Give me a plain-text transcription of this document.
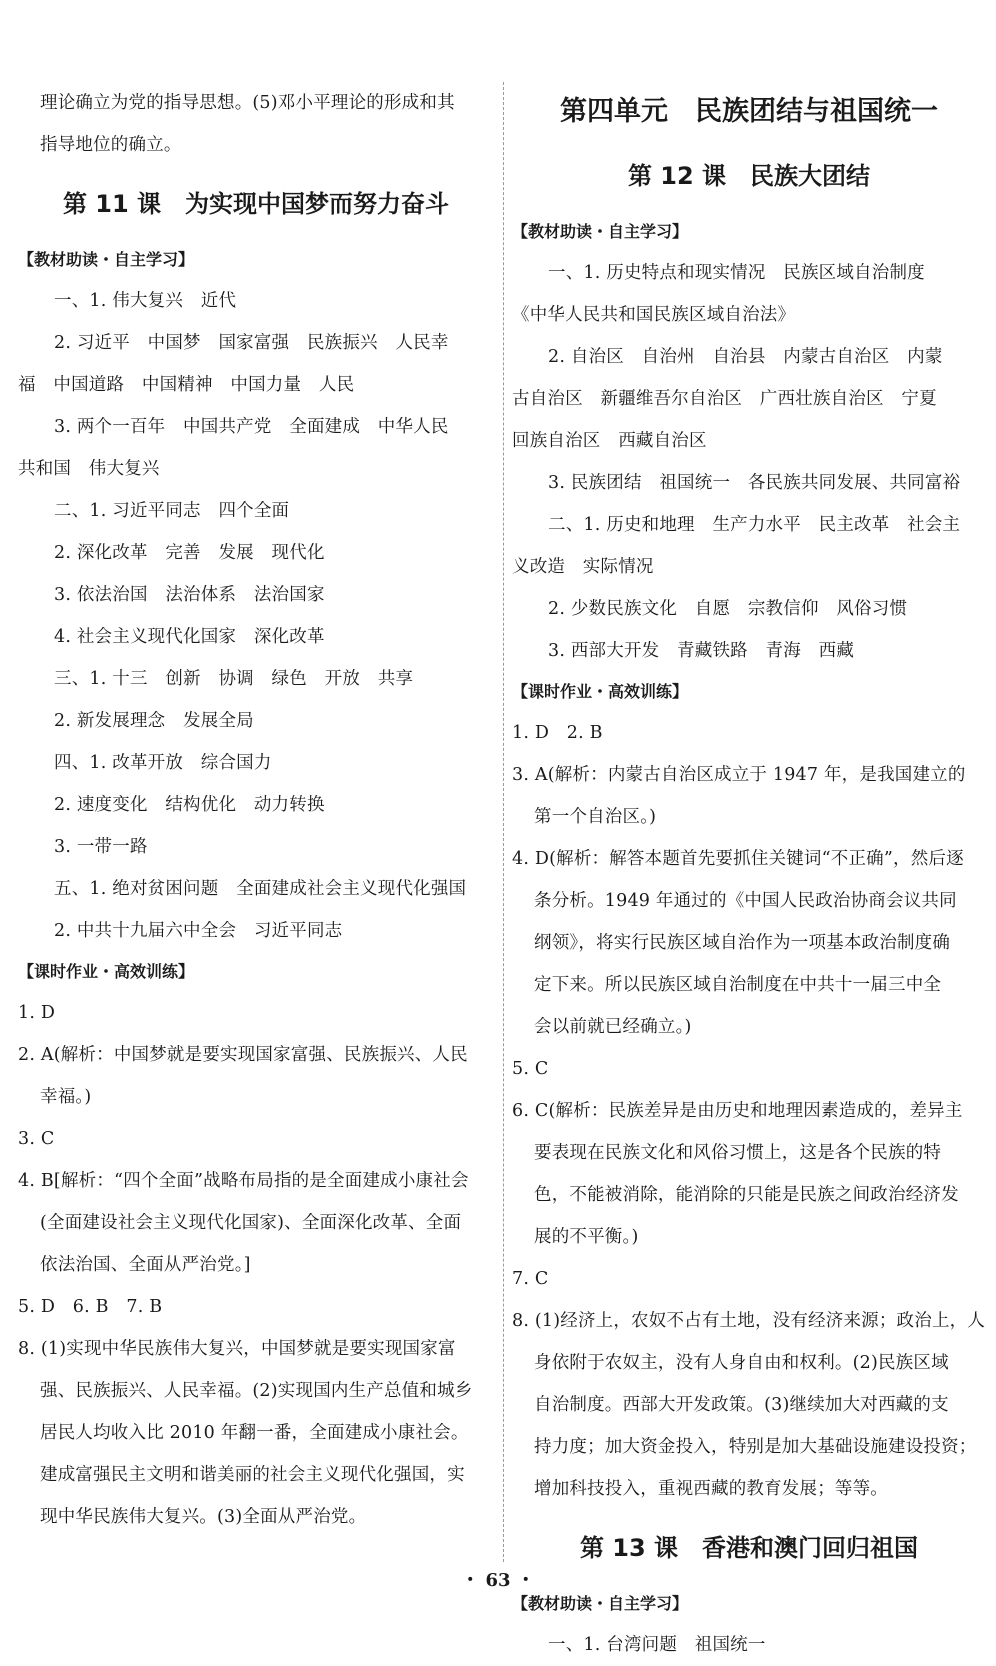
理论确立为党的指导思想。(5)邓小平理论的形成和其

指导地位的确立。

第 11 课　为实现中国梦而努力奋斗

【教材助读・自主学习】

一、1. 伟大复兴　近代

2. 习近平　中国梦　国家富强　民族振兴　人民幸

福　中国道路　中国精神　中国力量　人民

3. 两个一百年　中国共产党　全面建成　中华人民

共和国　伟大复兴

二、1. 习近平同志　四个全面

2. 深化改革　完善　发展　现代化

3. 依法治国　法治体系　法治国家

4. 社会主义现代化国家　深化改革

三、1. 十三　创新　协调　绿色　开放　共享

2. 新发展理念　发展全局

四、1. 改革开放　综合国力

2. 速度变化　结构优化　动力转换

3. 一带一路

五、1. 绝对贫困问题　全面建成社会主义现代化强国

2. 中共十九届六中全会　习近平同志

【课时作业・高效训练】

1. D

2. A(解析：中国梦就是要实现国家富强、民族振兴、人民

幸福。)

3. C

4. B[解析：“四个全面”战略布局指的是全面建成小康社会

(全面建设社会主义现代化国家)、全面深化改革、全面

依法治国、全面从严治党。]

5. D　6. B　7. B

8. (1)实现中华民族伟大复兴，中国梦就是要实现国家富

强、民族振兴、人民幸福。(2)实现国内生产总值和城乡

居民人均收入比 2010 年翻一番，全面建成小康社会。

建成富强民主文明和谐美丽的社会主义现代化强国，实

现中华民族伟大复兴。(3)全面从严治党。

第四单元　民族团结与祖国统一
第 12 课　民族大团结

【教材助读・自主学习】

一、1. 历史特点和现实情况　民族区域自治制度

《中华人民共和国民族区域自治法》

2. 自治区　自治州　自治县　内蒙古自治区　内蒙

古自治区　新疆维吾尔自治区　广西壮族自治区　宁夏

回族自治区　西藏自治区

3. 民族团结　祖国统一　各民族共同发展、共同富裕

二、1. 历史和地理　生产力水平　民主改革　社会主

义改造　实际情况

2. 少数民族文化　自愿　宗教信仰　风俗习惯

3. 西部大开发　青藏铁路　青海　西藏

【课时作业・高效训练】

1. D　2. B

3. A(解析：内蒙古自治区成立于 1947 年，是我国建立的

第一个自治区。)

4. D(解析：解答本题首先要抓住关键词“不正确”，然后逐

条分析。1949 年通过的《中国人民政治协商会议共同

纲领》，将实行民族区域自治作为一项基本政治制度确

定下来。所以民族区域自治制度在中共十一届三中全

会以前就已经确立。)

5. C

6. C(解析：民族差异是由历史和地理因素造成的，差异主

要表现在民族文化和风俗习惯上，这是各个民族的特

色，不能被消除，能消除的只能是民族之间政治经济发

展的不平衡。)

7. C

8. (1)经济上，农奴不占有土地，没有经济来源；政治上，人

身依附于农奴主，没有人身自由和权利。(2)民族区域

自治制度。西部大开发政策。(3)继续加大对西藏的支

持力度；加大资金投入，特别是加大基础设施建设投资；

增加科技投入，重视西藏的教育发展；等等。

第 13 课　香港和澳门回归祖国

【教材助读・自主学习】

一、1. 台湾问题　祖国统一

・ 63 ・
